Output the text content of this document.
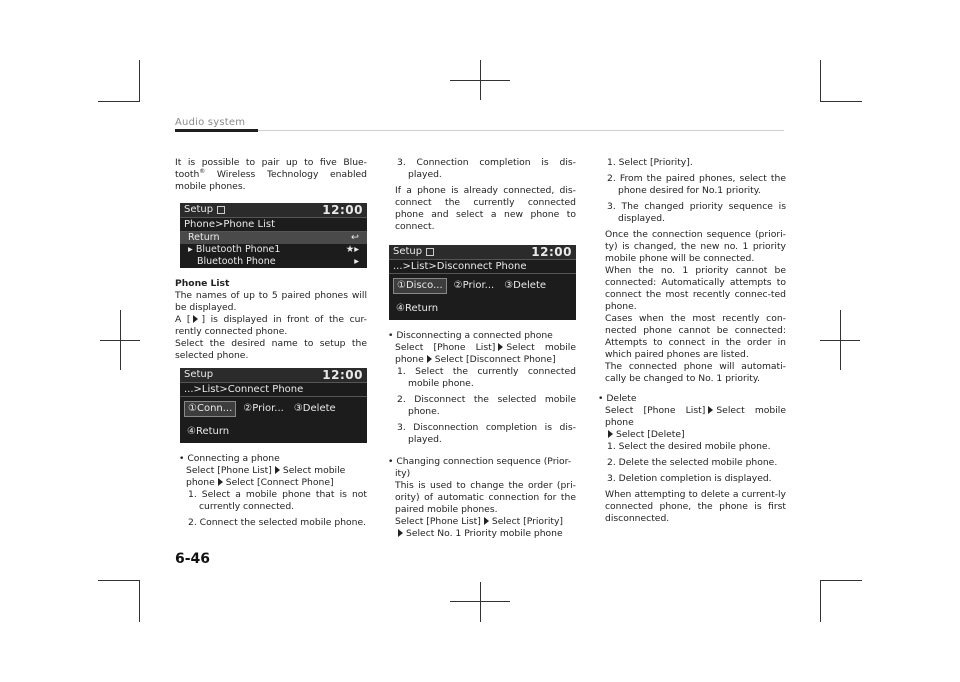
Audio system

It is possible to pair up to five Blue-tooth® Wireless Technology enabled mobile phones.

Setup	12:00
Phone>Phone List
Return	↩
▸ Bluetooth Phone1	★▸
Bluetooth Phone	▸

Phone List

The names of up to 5 paired phones will be displayed.

A [ ] is displayed in front of the cur-rently connected phone.

Select the desired name to setup the selected phone.

Setup	12:00
...>List>Connect Phone
①Conn...	②Prior...	③Delete
④Return

• Connecting a phone

Select [Phone List] Select mobile phone Select [Connect Phone]

1. Select a mobile phone that is not currently connected.

2. Connect the selected mobile phone.

3. Connection completion is dis-played.

If a phone is already connected, dis-connect the currently connected phone and select a new phone to connect.

Setup	12:00
...>List>Disconnect Phone
①Disco...	②Prior...	③Delete
④Return

• Disconnecting a connected phone

Select [Phone List] Select mobile phone Select [Disconnect Phone]

1. Select the currently connected mobile phone.

2. Disconnect the selected mobile phone.

3. Disconnection completion is dis-played.

• Changing connection sequence (Prior-ity)

This is used to change the order (pri-ority) of automatic connection for the paired mobile phones.

Select [Phone List] Select [Priority]

Select No. 1 Priority mobile phone

1. Select [Priority].

2. From the paired phones, select the phone desired for No.1 priority.

3. The changed priority sequence is displayed.

Once the connection sequence (priori-ty) is changed, the new no. 1 priority mobile phone will be connected.

When the no. 1 priority cannot be connected: Automatically attempts to connect the most recently connec-ted phone.

Cases when the most recently con-nected phone cannot be connected: Attempts to connect in the order in which paired phones are listed.

The connected phone will automati-cally be changed to No. 1 priority.

• Delete

Select [Phone List] Select mobile phone

Select [Delete]

1. Select the desired mobile phone.

2. Delete the selected mobile phone.

3. Deletion completion is displayed.

When attempting to delete a current-ly connected phone, the phone is first disconnected.

6-46
